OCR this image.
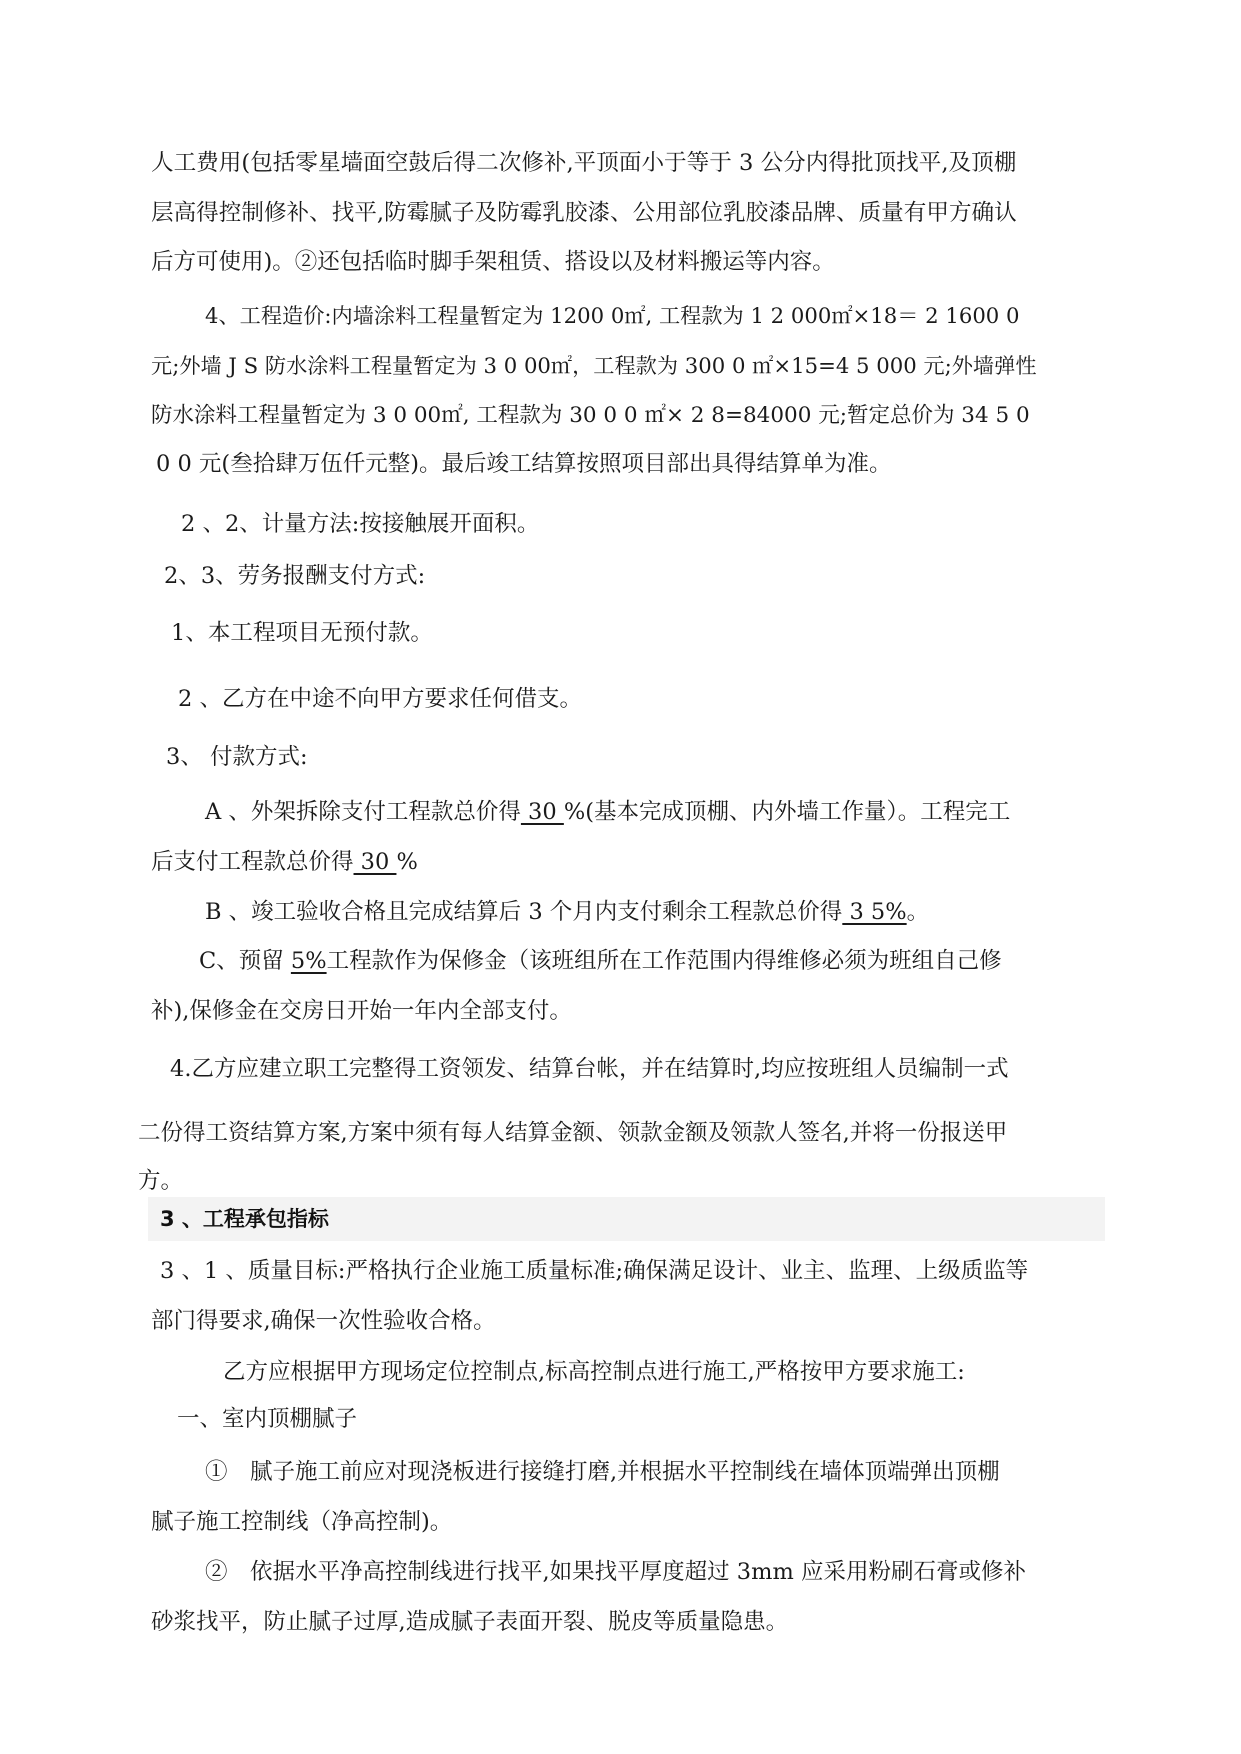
人工费用(包括零星墙面空鼓后得二次修补,平顶面小于等于 3 公分内得批顶找平,及顶棚
层高得控制修补、找平,防霉腻子及防霉乳胶漆、公用部位乳胶漆品牌、质量有甲方确认
后方可使用)。②还包括临时脚手架租赁、搭设以及材料搬运等内容。
4、工程造价:内墙涂料工程量暂定为 1200 0㎡, 工程款为 1 2 000㎡×18＝ 2 1600 0
元;外墙 J S 防水涂料工程量暂定为 3 0 00㎡，工程款为 300 0 ㎡×15=4 5 000 元;外墙弹性
防水涂料工程量暂定为 3 0 00㎡, 工程款为 30 0 0 ㎡× 2 8=84000 元;暂定总价为 34 5 0
0 0 元(叁拾肆万伍仟元整)。最后竣工结算按照项目部出具得结算单为准。
2 、2、计量方法:按接触展开面积。
2、3、劳务报酬支付方式:
1、本工程项目无预付款。
2 、乙方在中途不向甲方要求任何借支。
3、 付款方式:
A 、外架拆除支付工程款总价得 30 %(基本完成顶棚、内外墙工作量）。工程完工
后支付工程款总价得 30 %
B 、竣工验收合格且完成结算后 3 个月内支付剩余工程款总价得 3 5%。
C、预留 5%工程款作为保修金（该班组所在工作范围内得维修必须为班组自己修
补),保修金在交房日开始一年内全部支付。
4.乙方应建立职工完整得工资领发、结算台帐，并在结算时,均应按班组人员编制一式
二份得工资结算方案,方案中须有每人结算金额、领款金额及领款人签名,并将一份报送甲
方。
3 、工程承包指标
3 、1 、质量目标:严格执行企业施工质量标准;确保满足设计、业主、监理、上级质监等
部门得要求,确保一次性验收合格。
乙方应根据甲方现场定位控制点,标高控制点进行施工,严格按甲方要求施工:
一、室内顶棚腻子
①　腻子施工前应对现浇板进行接缝打磨,并根据水平控制线在墙体顶端弹出顶棚
腻子施工控制线（净高控制)。
②　依据水平净高控制线进行找平,如果找平厚度超过 3mm 应采用粉刷石膏或修补
砂浆找平，防止腻子过厚,造成腻子表面开裂、脱皮等质量隐患。
